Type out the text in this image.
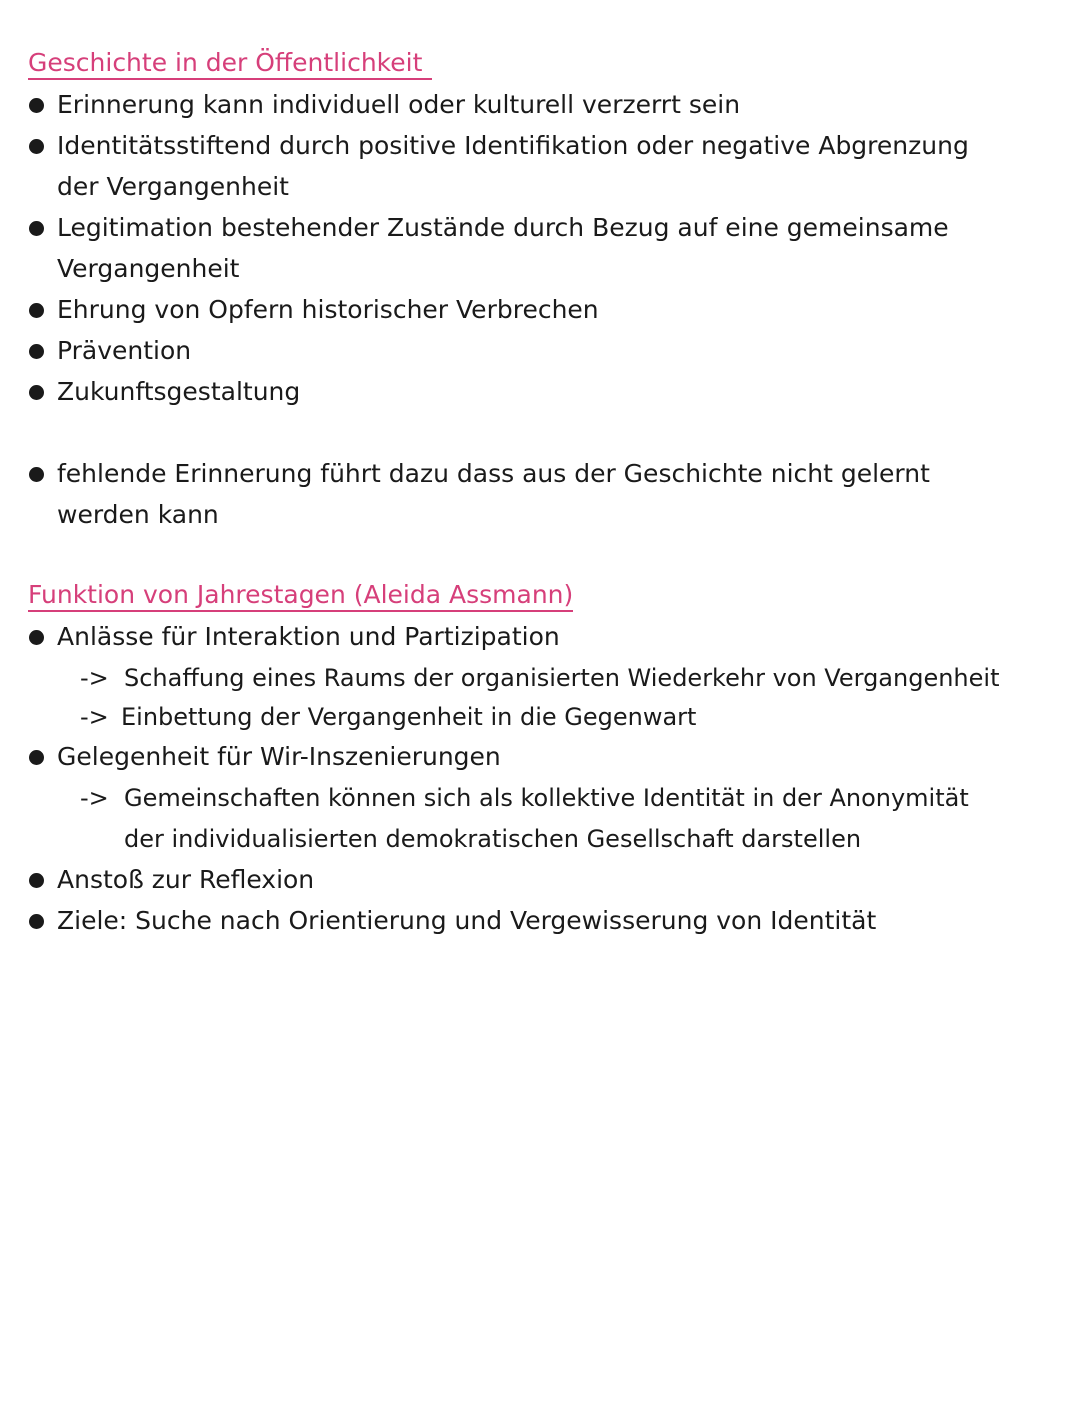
Geschichte in der Öffentlichkeit
Erinnerung kann individuell oder kulturell verzerrt sein
Identitätsstiftend durch positive Identifikation oder negative Abgrenzung
der Vergangenheit
Legitimation bestehender Zustände durch Bezug auf eine gemeinsame
Vergangenheit
Ehrung von Opfern historischer Verbrechen
Prävention
Zukunftsgestaltung
fehlende Erinnerung führt dazu dass aus der Geschichte nicht gelernt
werden kann
Funktion von Jahrestagen (Aleida Assmann)
Anlässe für Interaktion und Partizipation
-> Schaffung eines Raums der organisierten Wiederkehr von Vergangenheit
-> Einbettung der Vergangenheit in die Gegenwart
Gelegenheit für Wir-Inszenierungen
-> Gemeinschaften können sich als kollektive Identität in der Anonymität
der individualisierten demokratischen Gesellschaft darstellen
Anstoß zur Reflexion
Ziele: Suche nach Orientierung und Vergewisserung von Identität
